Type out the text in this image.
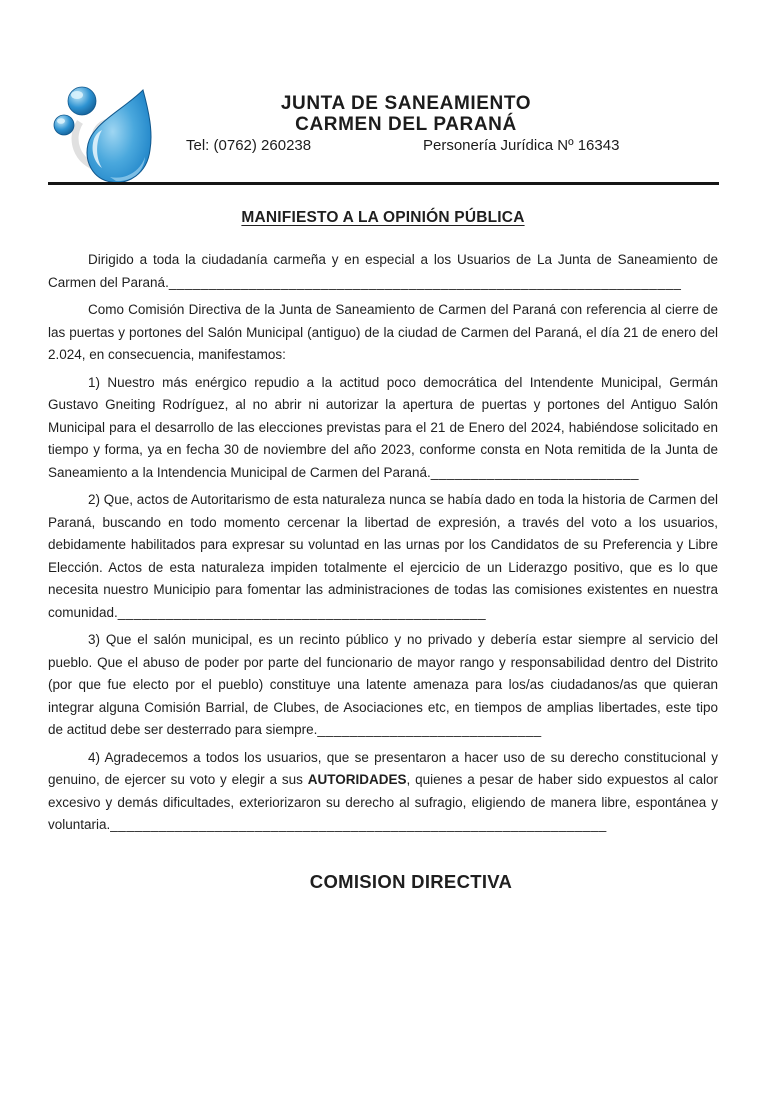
JUNTA DE SANEAMIENTO
CARMEN DEL PARANÁ
Tel: (0762) 260238	Personería Jurídica Nº 16343
MANIFIESTO A LA OPINIÓN PÚBLICA

Dirigido a toda la ciudadanía carmeña y en especial a los Usuarios de La Junta de Saneamiento de Carmen del Paraná.________________________________________________________________

Como Comisión Directiva de la Junta de Saneamiento de Carmen del Paraná con referencia al cierre de las puertas y portones del Salón Municipal (antiguo) de la ciudad de Carmen del Paraná, el día 21 de enero del 2.024, en consecuencia, manifestamos:

1) Nuestro más enérgico repudio a la actitud poco democrática del Intendente Municipal, Germán Gustavo Gneiting Rodríguez, al no abrir ni autorizar la apertura de puertas y portones del Antiguo Salón Municipal para el desarrollo de las elecciones previstas para el 21 de Enero del 2024, habiéndose solicitado en tiempo y forma, ya en fecha 30 de noviembre del año 2023, conforme consta en Nota remitida de la Junta de Saneamiento a la Intendencia Municipal de Carmen del Paraná.__________________________

2) Que, actos de Autoritarismo de esta naturaleza nunca se había dado en toda la historia de Carmen del Paraná, buscando en todo momento cercenar la libertad de expresión, a través del voto a los usuarios, debidamente habilitados para expresar su voluntad en las urnas por los Candidatos de su Preferencia y Libre Elección. Actos de esta naturaleza impiden totalmente el ejercicio de un Liderazgo positivo, que es lo que necesita nuestro Municipio para fomentar las administraciones de todas las comisiones existentes en nuestra comunidad.______________________________________________

3) Que el salón municipal, es un recinto público y no privado y debería estar siempre al servicio del pueblo. Que el abuso de poder por parte del funcionario de mayor rango y responsabilidad dentro del Distrito (por que fue electo por el pueblo) constituye una latente amenaza para los/as ciudadanos/as que quieran integrar alguna Comisión Barrial, de Clubes, de Asociaciones etc, en tiempos de amplias libertades, este tipo de actitud debe ser desterrado para siempre.____________________________

4) Agradecemos a todos los usuarios, que se presentaron a hacer uso de su derecho constitucional y genuino, de ejercer su voto y elegir a sus AUTORIDADES, quienes a pesar de haber sido expuestos al calor excesivo y demás dificultades, exteriorizaron su derecho al sufragio, eligiendo de manera libre, espontánea y voluntaria.______________________________________________________________

COMISION DIRECTIVA
